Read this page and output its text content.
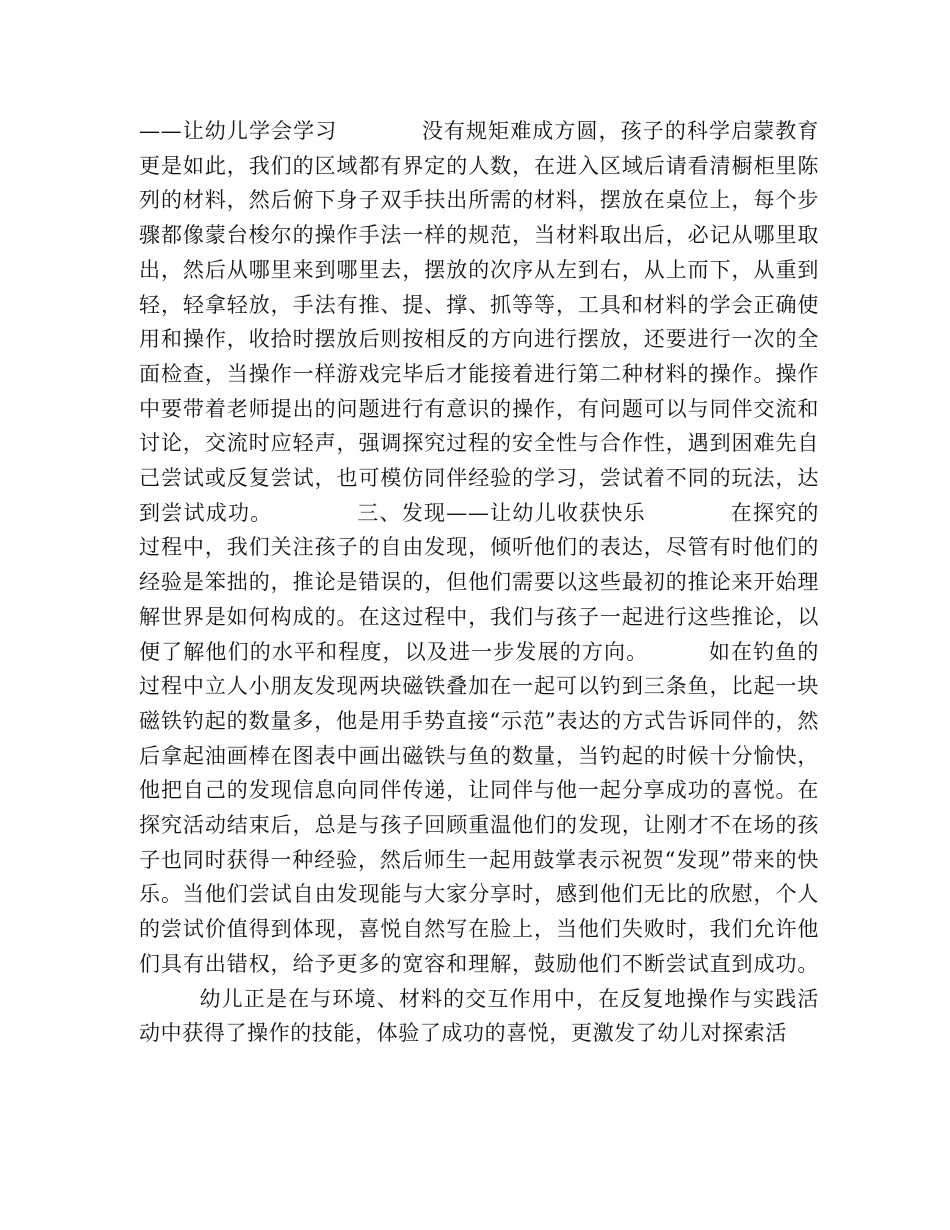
——让幼儿学会学习	没有规矩难成方圆，孩子的科学启蒙教育更是如此，我们的区域都有界定的人数，在进入区域后请看清橱柜里陈列的材料，然后俯下身子双手扶出所需的材料，摆放在桌位上，每个步骤都像蒙台梭尔的操作手法一样的规范，当材料取出后，必记从哪里取出，然后从哪里来到哪里去，摆放的次序从左到右，从上而下，从重到轻，轻拿轻放，手法有推、提、撑、抓等等，工具和材料的学会正确使用和操作，收拾时摆放后则按相反的方向进行摆放，还要进行一次的全面检查，当操作一样游戏完毕后才能接着进行第二种材料的操作。操作中要带着老师提出的问题进行有意识的操作，有问题可以与同伴交流和讨论，交流时应轻声，强调探究过程的安全性与合作性，遇到困难先自己尝试或反复尝试，也可模仿同伴经验的学习，尝试着不同的玩法，达到尝试成功。	三、发现——让幼儿收获快乐	在探究的过程中，我们关注孩子的自由发现，倾听他们的表达，尽管有时他们的经验是笨拙的，推论是错误的，但他们需要以这些最初的推论来开始理解世界是如何构成的。在这过程中，我们与孩子一起进行这些推论，以便了解他们的水平和程度，以及进一步发展的方向。	如在钓鱼的过程中立人小朋友发现两块磁铁叠加在一起可以钓到三条鱼，比起一块磁铁钓起的数量多，他是用手势直接“示范”表达的方式告诉同伴的，然后拿起油画棒在图表中画出磁铁与鱼的数量，当钓起的时候十分愉快，他把自己的发现信息向同伴传递，让同伴与他一起分享成功的喜悦。在探究活动结束后，总是与孩子回顾重温他们的发现，让刚才不在场的孩子也同时获得一种经验，然后师生一起用鼓掌表示祝贺“发现”带来的快乐。当他们尝试自由发现能与大家分享时，感到他们无比的欣慰，个人的尝试价值得到体现，喜悦自然写在脸上，当他们失败时，我们允许他们具有出错权，给予更多的宽容和理解，鼓励他们不断尝试直到成功。幼儿正是在与环境、材料的交互作用中，在反复地操作与实践活动中获得了操作的技能，体验了成功的喜悦，更激发了幼儿对探索活
